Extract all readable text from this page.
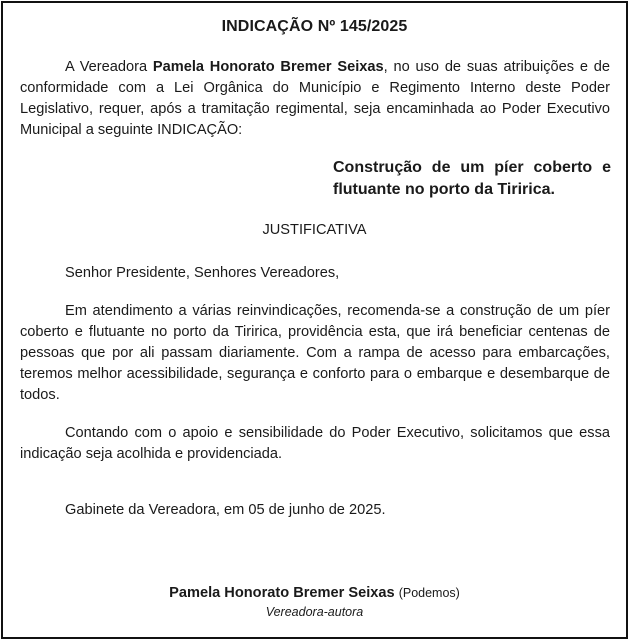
INDICAÇÃO Nº 145/2025

A Vereadora Pamela Honorato Bremer Seixas, no uso de suas atribuições e de conformidade com a Lei Orgânica do Município e Regimento Interno deste Poder Legislativo, requer, após a tramitação regimental, seja encaminhada ao Poder Executivo Municipal a seguinte INDICAÇÃO:

Construção de um píer coberto e flutuante no porto da Tiririca.

JUSTIFICATIVA
Senhor Presidente, Senhores Vereadores,

Em atendimento a várias reinvindicações, recomenda-se a construção de um píer coberto e flutuante no porto da Tiririca, providência esta, que irá beneficiar centenas de pessoas que por ali passam diariamente. Com a rampa de acesso para embarcações, teremos melhor acessibilidade, segurança e conforto para o embarque e desembarque de todos.

Contando com o apoio e sensibilidade do Poder Executivo, solicitamos que essa indicação seja acolhida e providenciada.

Gabinete da Vereadora, em 05 de junho de 2025.
Pamela Honorato Bremer Seixas (Podemos)
Vereadora-autora
